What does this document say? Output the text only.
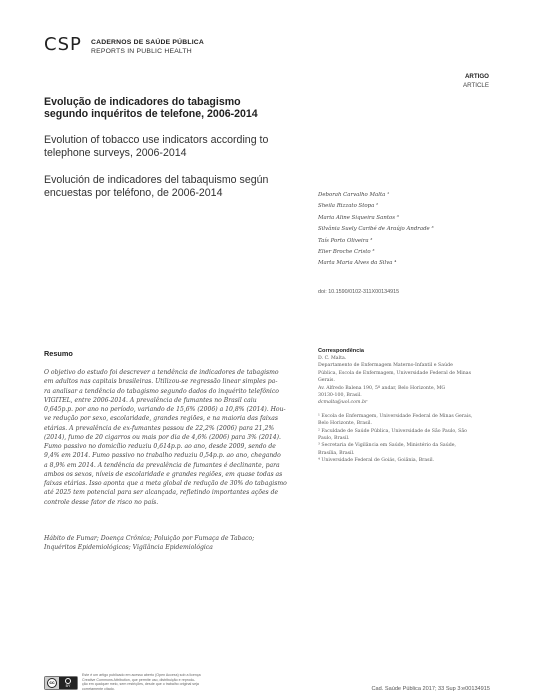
CSP CADERNOS DE SAÚDE PÚBLICA
REPORTS IN PUBLIC HEALTH
ARTIGO
ARTICLE
Evolução de indicadores do tabagismo
segundo inquéritos de telefone, 2006-2014
Evolution of tobacco use indicators according to
telephone surveys, 2006-2014
Evolución de indicadores del tabaquismo según
encuestas por teléfono, de 2006-2014	Deborah Carvalho Malta ¹
Sheila Rizzato Stopa ²
Maria Aline Siqueira Santos ³
Silvânia Suely Caribé de Araújo Andrade ³
Taís Porto Oliveira ³
Elier Broche Cristo ³
Marta Maria Alves da Silva ⁴
doi: 10.1590/0102-311X00134915
Resumo
O objetivo do estudo foi descrever a tendência de indicadores de tabagismo
em adultos nas capitais brasileiras. Utilizou-se regressão linear simples pa-
ra analisar a tendência do tabagismo segundo dados do inquérito telefônico
VIGITEL, entre 2006-2014. A prevalência de fumantes no Brasil caiu
0,645p.p. por ano no período, variando de 15,6% (2006) a 10,8% (2014). Hou-
ve redução por sexo, escolaridade, grandes regiões, e na maioria das faixas
etárias. A prevalência de ex-fumantes passou de 22,2% (2006) para 21,2%
(2014), fumo de 20 cigarros ou mais por dia de 4,6% (2006) para 3% (2014).
Fumo passivo no domicílio reduziu 0,614p.p. ao ano, desde 2009, sendo de
9,4% em 2014. Fumo passivo no trabalho reduziu 0,54p.p. ao ano, chegando
a 8,9% em 2014. A tendência da prevalência de fumantes é declinante, para
ambos os sexos, níveis de escolaridade e grandes regiões, em quase todas as
faixas etárias. Isso aponta que a meta global de redução de 30% do tabagismo
até 2025 tem potencial para ser alcançada, refletindo importantes ações de
controle desse fator de risco no país.
Hábito de Fumar; Doença Crônica; Poluição por Fumaça de Tabaco;
Inquéritos Epidemiológicos; Vigilância Epidemiológica
Correspondência
D. C. Malta.
Departamento de Enfermagem Materno-Infantil e Saúde
Pública, Escola de Enfermagem, Universidade Federal de Minas
Gerais.
Av. Alfredo Balena 190, 5º andar, Belo Horizonte, MG
30130-100, Brasil.
dcmalta@uol.com.br
¹ Escola de Enfermagem, Universidade Federal de Minas Gerais,
Belo Horizonte, Brasil.
² Faculdade de Saúde Pública, Universidade de São Paulo, São
Paulo, Brasil.
³ Secretaria de Vigilância em Saúde, Ministério da Saúde,
Brasília, Brasil.
⁴ Universidade Federal de Goiás, Goiânia, Brasil.
cc
BY
Este é um artigo publicado em acesso aberto (Open Access) sob a licença
Creative Commons Attribution, que permite uso, distribuição e reprodu-
ção em qualquer meio, sem restrições, desde que o trabalho original seja
corretamente citado.	Cad. Saúde Pública 2017; 33 Sup 3:e00134915
